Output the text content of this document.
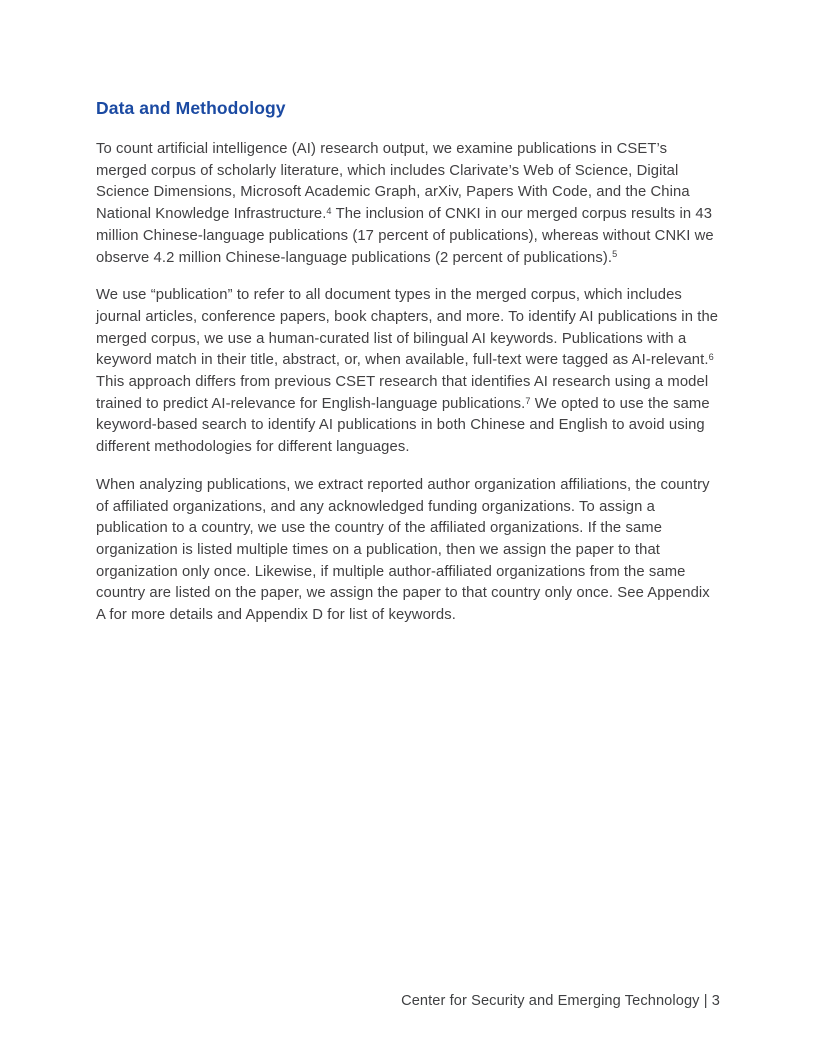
Data and Methodology

To count artificial intelligence (AI) research output, we examine publications in CSET’s merged corpus of scholarly literature, which includes Clarivate’s Web of Science, Digital Science Dimensions, Microsoft Academic Graph, arXiv, Papers With Code, and the China National Knowledge Infrastructure.$^4$ The inclusion of CNKI in our merged corpus results in 43 million Chinese-language publications (17 percent of publications), whereas without CNKI we observe 4.2 million Chinese-language publications (2 percent of publications).$^5$

We use “publication” to refer to all document types in the merged corpus, which includes journal articles, conference papers, book chapters, and more. To identify AI publications in the merged corpus, we use a human-curated list of bilingual AI keywords. Publications with a keyword match in their title, abstract, or, when available, full-text were tagged as AI-relevant.$^6$ This approach differs from previous CSET research that identifies AI research using a model trained to predict AI-relevance for English-language publications.$^7$ We opted to use the same keyword-based search to identify AI publications in both Chinese and English to avoid using different methodologies for different languages.

When analyzing publications, we extract reported author organization affiliations, the country of affiliated organizations, and any acknowledged funding organizations. To assign a publication to a country, we use the country of the affiliated organizations. If the same organization is listed multiple times on a publication, then we assign the paper to that organization only once. Likewise, if multiple author-affiliated organizations from the same country are listed on the paper, we assign the paper to that country only once. See Appendix A for more details and Appendix D for list of keywords.

Center for Security and Emerging Technology | 3
